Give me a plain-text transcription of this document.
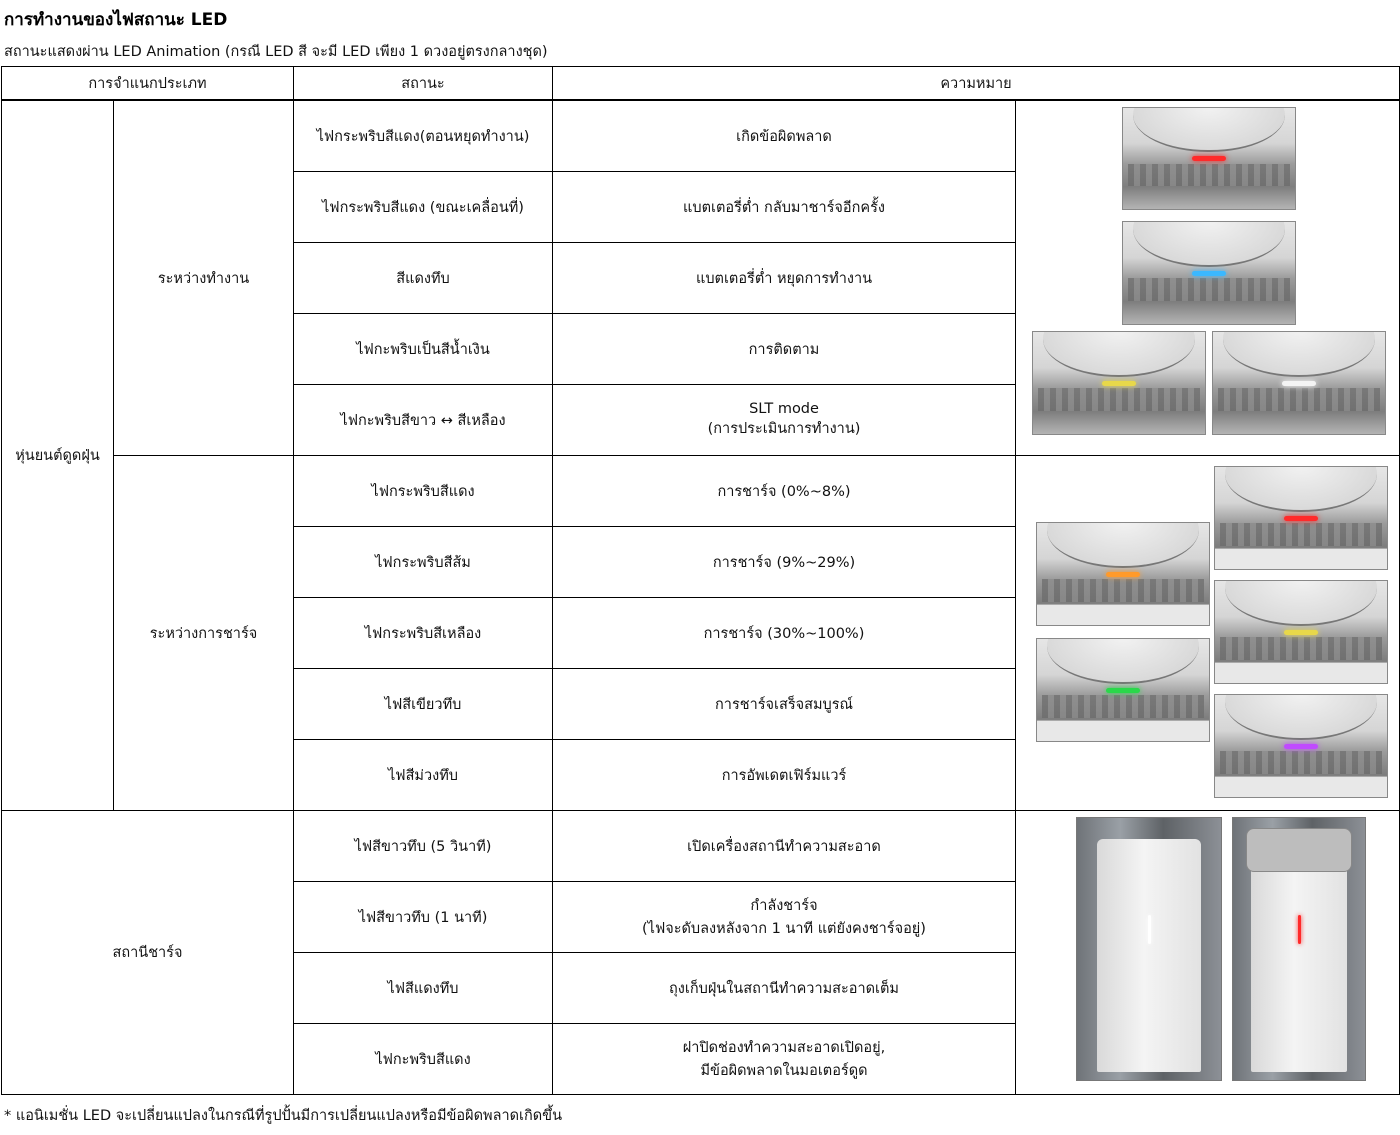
การทำงานของไฟสถานะ LED
สถานะแสดงผ่าน LED Animation (กรณี LED สี จะมี LED เพียง 1 ดวงอยู่ตรงกลางชุด)
การจำแนกประเภท		สถานะ	ความหมาย	
หุ่นยนต์ดูดฝุ่น	ระหว่างทำงาน	ไฟกระพริบสีแดง(ตอนหยุดทำงาน)	เกิดข้อผิดพลาด	

		ไฟกระพริบสีแดง (ขณะเคลื่อนที่)	แบตเตอรี่ต่ำ กลับมาชาร์จอีกครั้ง	
		สีแดงทึบ	แบตเตอรี่ต่ำ หยุดการทำงาน	
		ไฟกะพริบเป็นสีน้ำเงิน	การติดตาม	
		ไฟกะพริบสีขาว ↔ สีเหลือง	SLT mode
(การประเมินการทำงาน)	

	ระหว่างการชาร์จ	ไฟกระพริบสีแดง	การชาร์จ (0%~8%)	

		ไฟกระพริบสีส้ม	การชาร์จ (9%~29%)	
		ไฟกระพริบสีเหลือง	การชาร์จ (30%~100%)	
		ไฟสีเขียวทึบ	การชาร์จเสร็จสมบูรณ์	
		ไฟสีม่วงทึบ	การอัพเดตเฟิร์มแวร์	
สถานีชาร์จ		ไฟสีขาวทึบ (5 วินาที)	เปิดเครื่องสถานีทำความสะอาด	

		ไฟสีขาวทึบ (1 นาที)	กำลังชาร์จ
(ไฟจะดับลงหลังจาก 1 นาที แต่ยังคงชาร์จอยู่)	

		ไฟสีแดงทึบ	ถุงเก็บฝุ่นในสถานีทำความสะอาดเต็ม	
		ไฟกะพริบสีแดง	ฝาปิดช่องทำความสะอาดเปิดอยู่,
มีข้อผิดพลาดในมอเตอร์ดูด	
* แอนิเมชั่น LED จะเปลี่ยนแปลงในกรณีที่รูปปั้นมีการเปลี่ยนแปลงหรือมีข้อผิดพลาดเกิดขึ้น
